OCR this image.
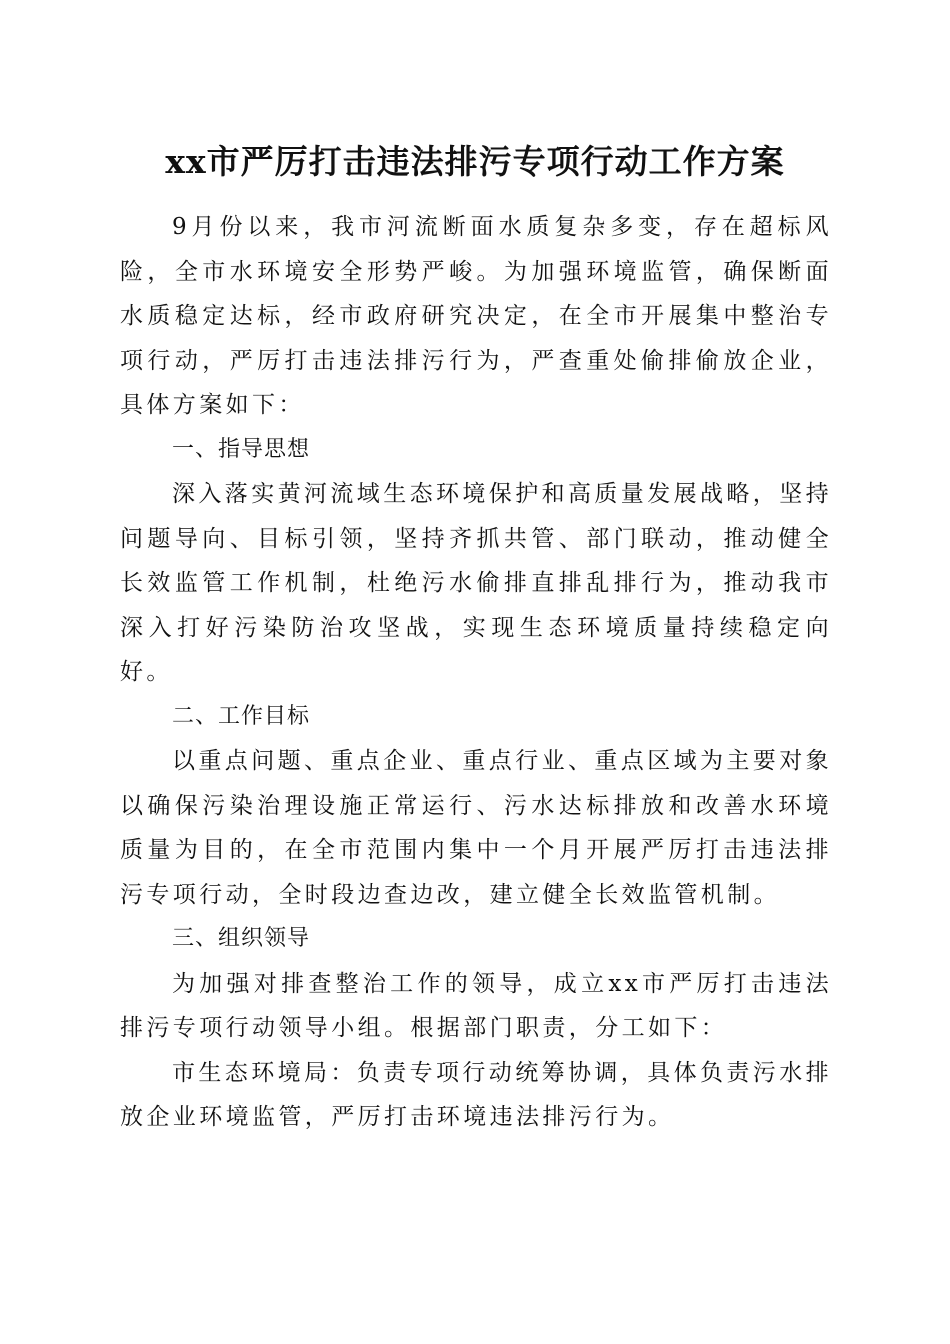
xx市严厉打击违法排污专项行动工作方案

9月份以来，我市河流断面水质复杂多变，存在超标风险，全市水环境安全形势严峻。为加强环境监管，确保断面水质稳定达标，经市政府研究决定，在全市开展集中整治专项行动，严厉打击违法排污行为，严查重处偷排偷放企业，具体方案如下：

一、指导思想

深入落实黄河流域生态环境保护和高质量发展战略，坚持问题导向、目标引领，坚持齐抓共管、部门联动，推动健全长效监管工作机制，杜绝污水偷排直排乱排行为，推动我市深入打好污染防治攻坚战，实现生态环境质量持续稳定向好。

二、工作目标

以重点问题、重点企业、重点行业、重点区域为主要对象以确保污染治理设施正常运行、污水达标排放和改善水环境质量为目的，在全市范围内集中一个月开展严厉打击违法排污专项行动，全时段边查边改，建立健全长效监管机制。

三、组织领导

为加强对排查整治工作的领导，成立xx市严厉打击违法排污专项行动领导小组。根据部门职责，分工如下：

市生态环境局：负责专项行动统筹协调，具体负责污水排放企业环境监管，严厉打击环境违法排污行为。
